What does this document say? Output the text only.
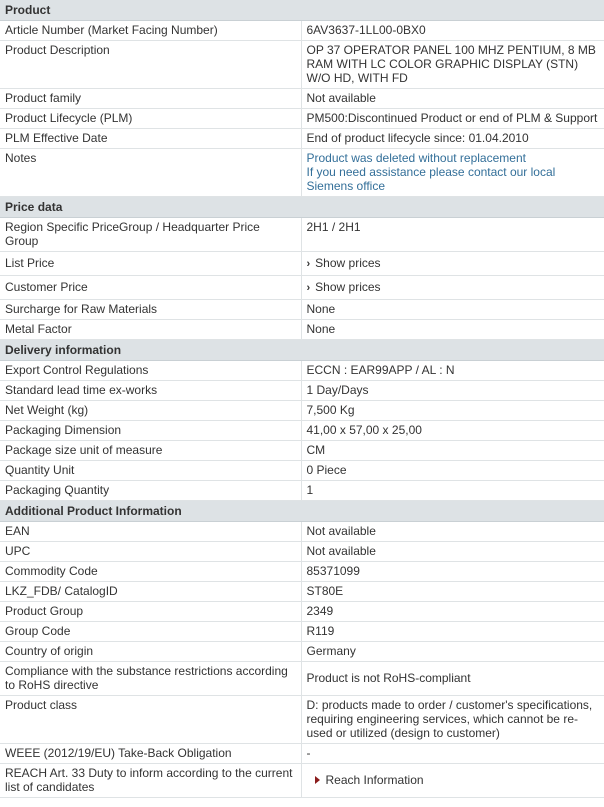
Product	
Article Number (Market Facing Number)	6AV3637-1LL00-0BX0
Product Description	OP 37 OPERATOR PANEL 100 MHZ PENTIUM, 8 MB RAM WITH LC COLOR GRAPHIC DISPLAY (STN) W/O HD, WITH FD
Product family	Not available
Product Lifecycle (PLM)	PM500:Discontinued Product or end of PLM & Support
PLM Effective Date	End of product lifecycle since: 01.04.2010
Notes	Product was deleted without replacement
If you need assistance please contact our local Siemens office

Price data	
Region Specific PriceGroup / Headquarter Price Group	2H1 / 2H1
List Price	› Show prices
Customer Price	› Show prices
Surcharge for Raw Materials	None
Metal Factor	None
Delivery information	
Export Control Regulations	ECCN : EAR99APP / AL : N
Standard lead time ex-works	1 Day/Days
Net Weight (kg)	7,500 Kg
Packaging Dimension	41,00 x 57,00 x 25,00
Package size unit of measure	CM
Quantity Unit	0 Piece
Packaging Quantity	1
Additional Product Information	
EAN	Not available
UPC	Not available
Commodity Code	85371099
LKZ_FDB/ CatalogID	ST80E
Product Group	2349
Group Code	R119
Country of origin	Germany
Compliance with the substance restrictions according to RoHS directive	Product is not RoHS-compliant
Product class	D: products made to order / customer's specifications, requiring engineering services, which cannot be re-used or utilized (design to customer)
WEEE (2012/19/EU) Take-Back Obligation	-
REACH Art. 33 Duty to inform according to the current list of candidates	Reach Information
